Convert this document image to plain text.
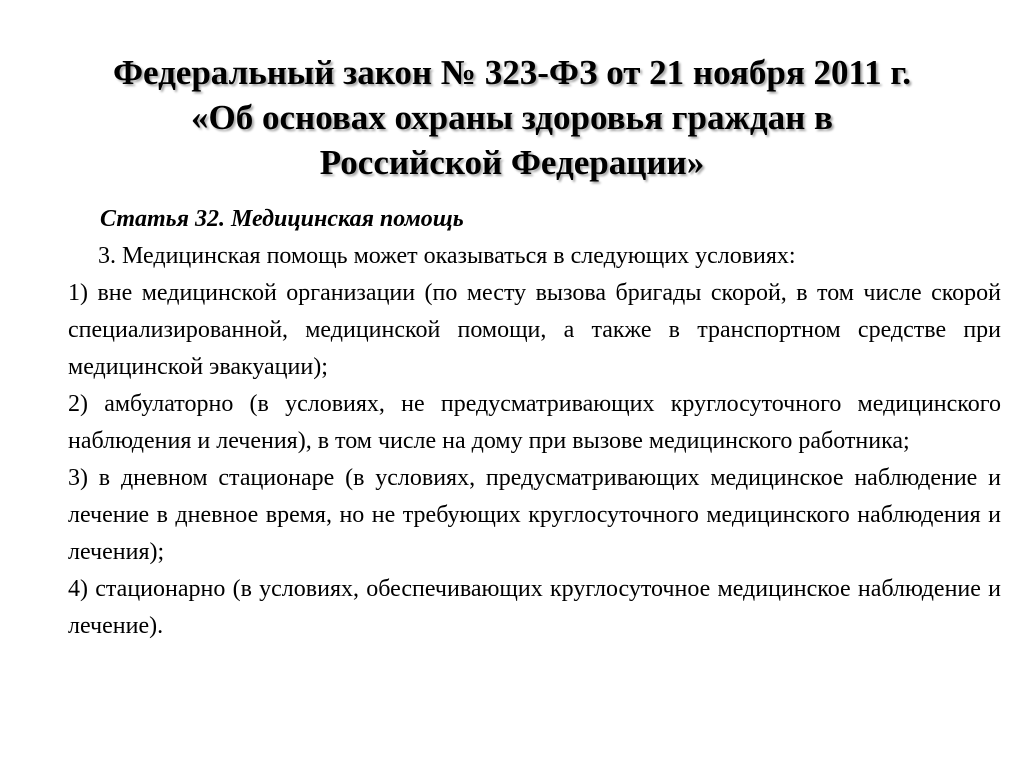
Федеральный закон № 323-ФЗ от 21 ноября 2011 г.
«Об основах охраны здоровья граждан в
Российской Федерации»

Статья 32. Медицинская помощь

3. Медицинская помощь может оказываться в следующих условиях:

1) вне медицинской организации (по месту вызова бригады скорой, в том числе скорой специализированной, медицинской помощи, а также в транспортном средстве при медицинской эвакуации);

2) амбулаторно (в условиях, не предусматривающих круглосуточного медицинского наблюдения и лечения), в том числе на дому при вызове медицинского работника;

3) в дневном стационаре (в условиях, предусматривающих медицинское наблюдение и лечение в дневное время, но не требующих круглосуточного медицинского наблюдения и лечения);

4) стационарно (в условиях, обеспечивающих круглосуточное медицинское наблюдение и лечение).
